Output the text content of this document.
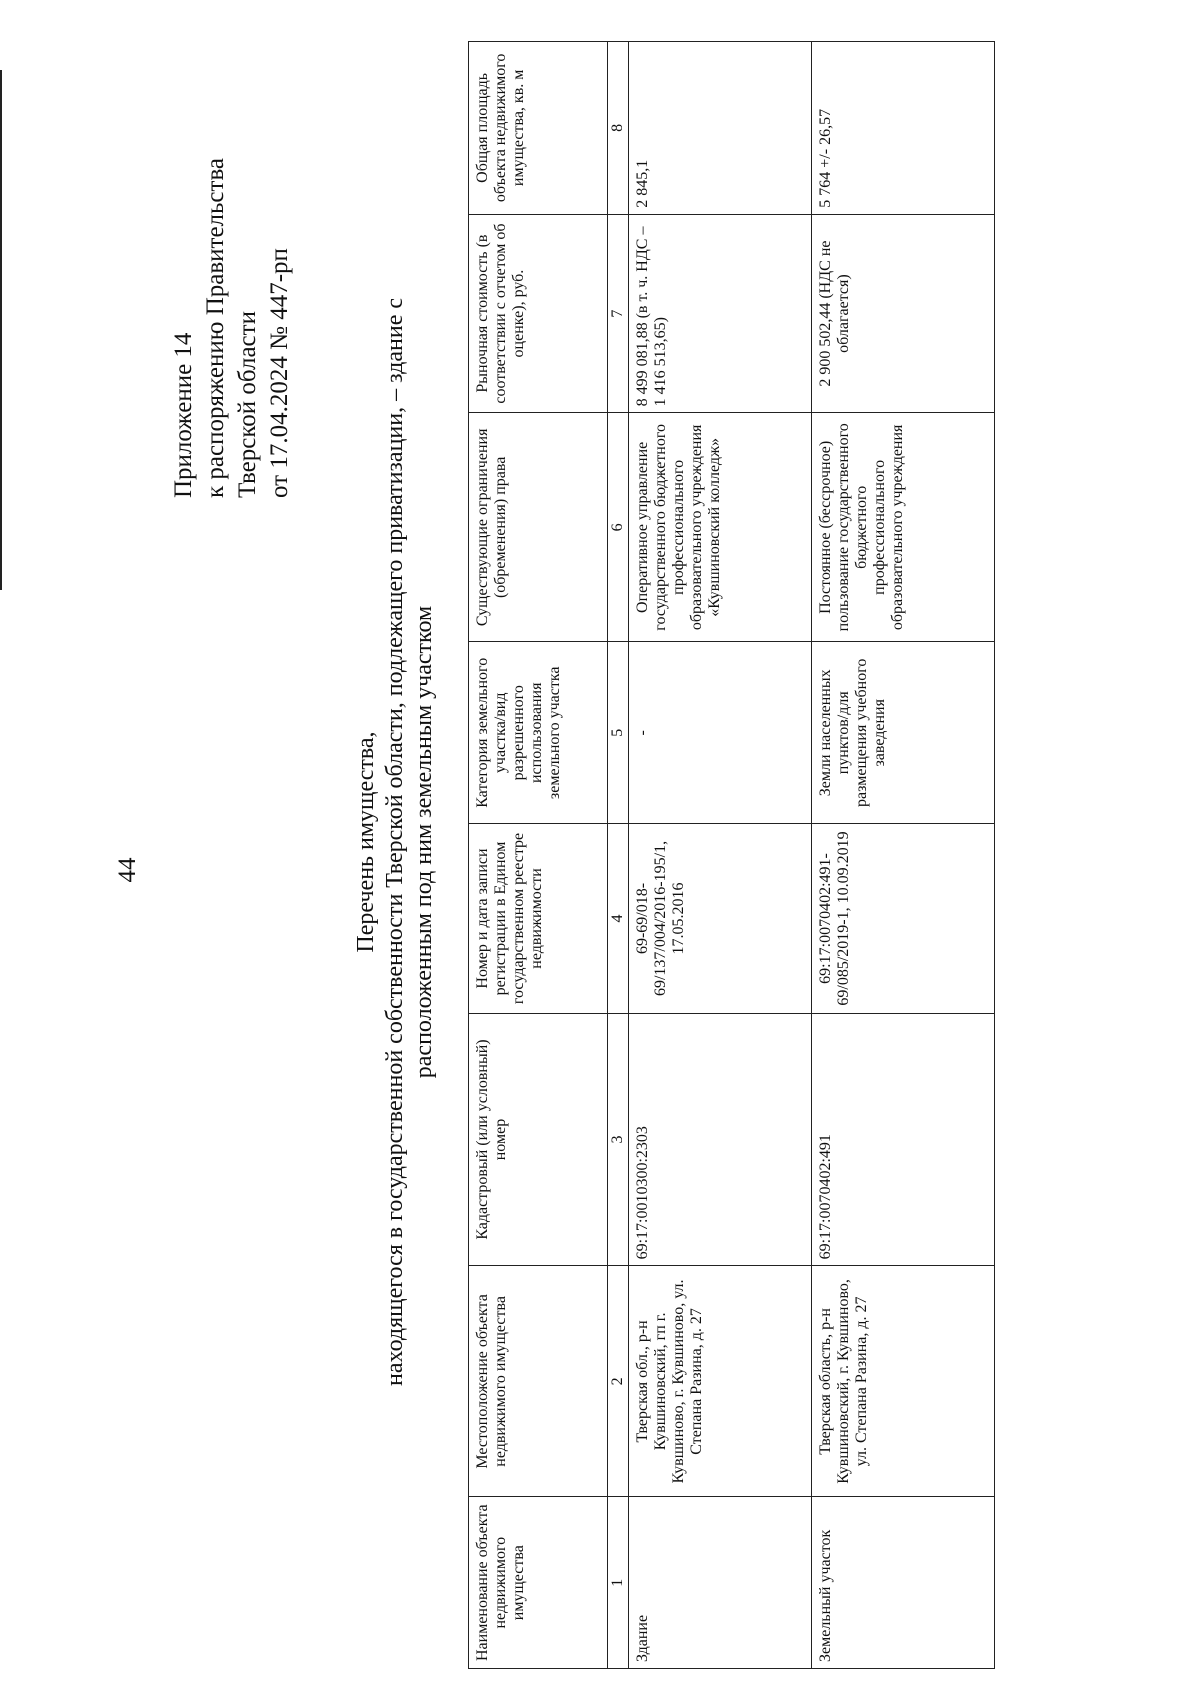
44
Приложение 14 к распоряжению Правительства Тверской области от 17.04.2024 № 447-рп
Перечень имущества, находящегося в государственной собственности Тверской области, подлежащего приватизации, – здание с расположенным под ним земельным участком
Наименование объекта недвижимого имущества	Местоположение объекта недвижимого имущества	Кадастровый (или условный) номер	Номер и дата записи регистрации в Едином государственном реестре недвижимости	Категория земельного участка/вид разрешенного использования земельного участка	Существующие ограничения (обременения) права	Рыночная стоимость (в соответствии с отчетом об оценке), руб.	Общая площадь объекта недвижимого имущества, кв. м
1	2	3	4	5	6	7	8
Здание	Тверская обл., р-н Кувшиновский, гп г. Кувшиново, г. Кувшиново, ул. Степана Разина, д. 27	69:17:0010300:2303	69-69/018-69/137/004/2016-195/1, 17.05.2016	-	Оперативное управление государственного бюджетного профессионального образовательного учреждения «Кувшиновский колледж»	8 499 081,88 (в т. ч. НДС – 1 416 513,65)	2 845,1
Земельный участок	Тверская область, р-н Кувшиновский, г. Кувшиново, ул. Степана Разина, д. 27	69:17:0070402:491	69:17:0070402:491-69/085/2019-1, 10.09.2019	Земли населенных пунктов/для размещения учебного заведения	Постоянное (бессрочное) пользование государственного бюджетного профессионального образовательного учреждения	2 900 502,44 (НДС не облагается)	5 764 +/- 26,57
